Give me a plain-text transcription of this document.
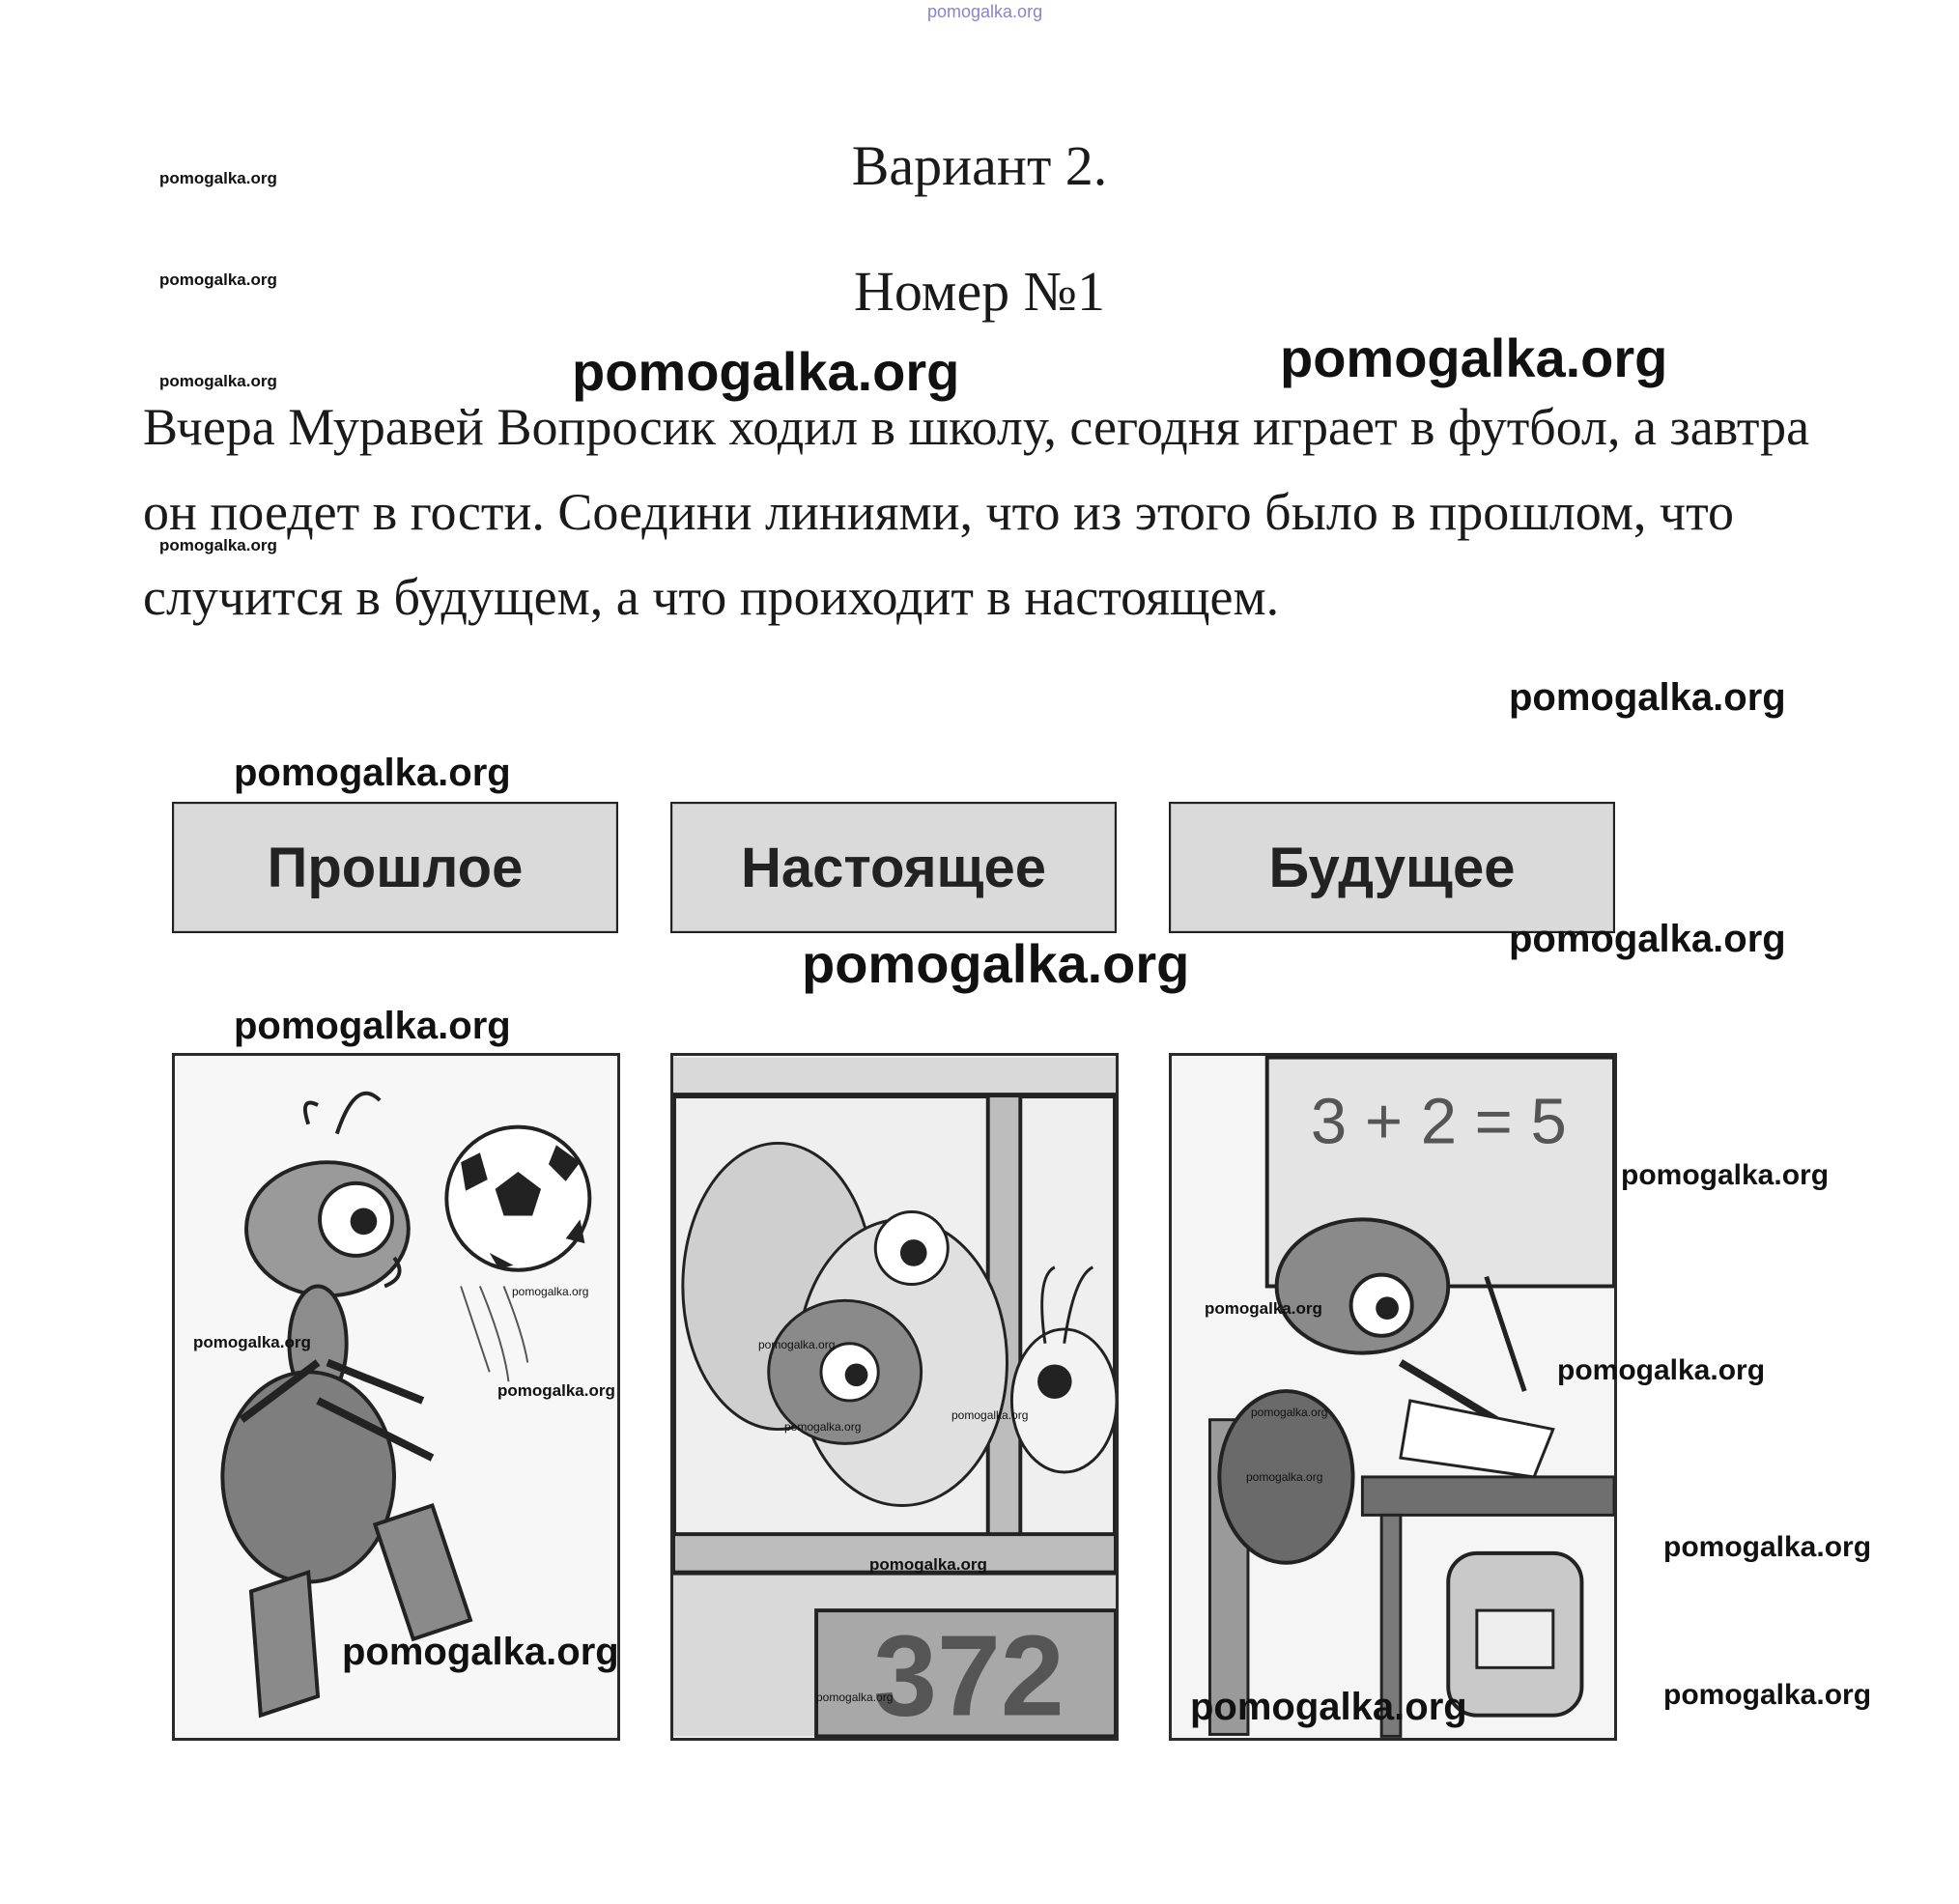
pomogalka.org
Вариант 2.
Номер №1

Вчера Муравей Вопросик ходил в школу, сегодня играет в футбол, а завтра он поедет в гости. Соедини линиями, что из этого было в прошлом, что случится в будущем, а что проиходит в настоящем.

Прошлое	Настоящее	Будущее
372
3 + 2 = 5
pomogalka.org
pomogalka.org
pomogalka.org
pomogalka.org
pomogalka.org	pomogalka.org
pomogalka.org
pomogalka.org
pomogalka.org
pomogalka.org
pomogalka.org
pomogalka.org
pomogalka.org
pomogalka.org
pomogalka.org	pomogalka.org
pomogalka.org
pomogalka.org
pomogalka.org	pomogalka.org
pomogalka.org
pomogalka.org
pomogalka.org
pomogalka.org
pomogalka.org
pomogalka.org
pomogalka.org	pomogalka.org
